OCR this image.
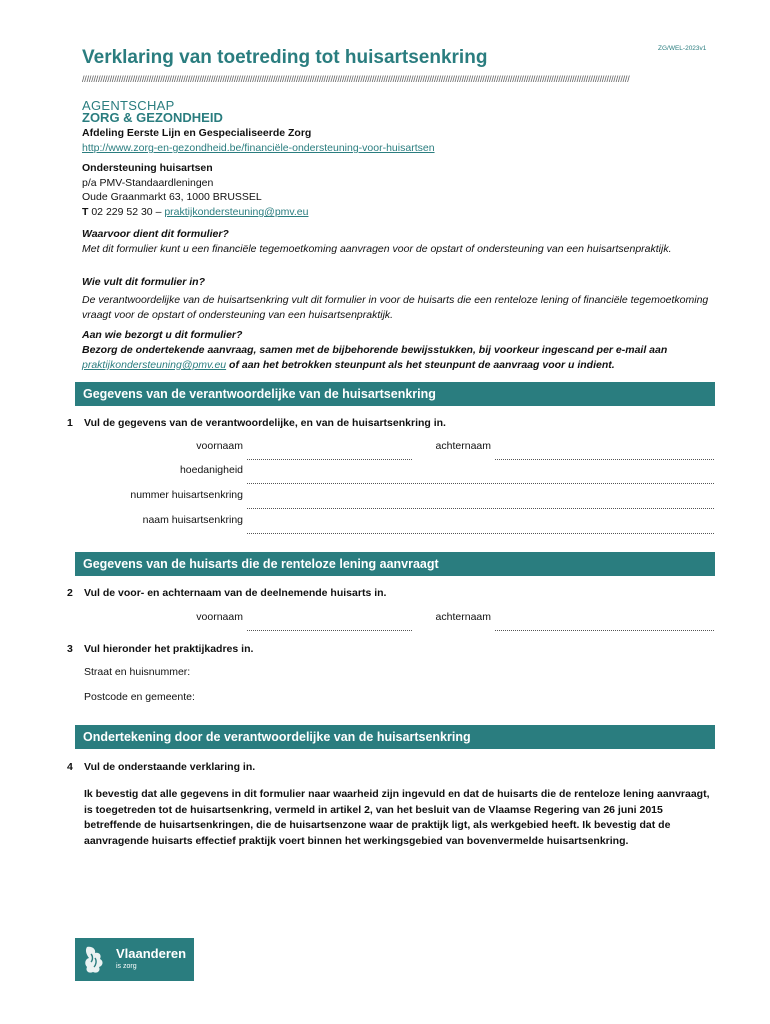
Verklaring van toetreding tot huisartsenkring	ZG/WEL-2023v1
//////////////////////////////////////////////////////////////////////////////////////////////////////////////////////////////////////////////////////////////////////////////////////////////////////////////////////////////////////////////
AGENTSCHAP
ZORG & GEZONDHEID
Afdeling Eerste Lijn en Gespecialiseerde Zorg
http://www.zorg-en-gezondheid.be/financiële-ondersteuning-voor-huisartsen
Ondersteuning huisartsen
p/a PMV-Standaardleningen
Oude Graanmarkt 63, 1000 BRUSSEL
T 02 229 52 30 – praktijkondersteuning@pmv.eu
Waarvoor dient dit formulier?
Met dit formulier kunt u een financiële tegemoetkoming aanvragen voor de opstart of ondersteuning van een huisartsenpraktijk.
Wie vult dit formulier in?
De verantwoordelijke van de huisartsenkring vult dit formulier in voor de huisarts die een renteloze lening of financiële tegemoetkoming vraagt voor de opstart of ondersteuning van een huisartsenpraktijk.
Aan wie bezorgt u dit formulier?
Bezorg de ondertekende aanvraag, samen met de bijbehorende bewijsstukken, bij voorkeur ingescand per e-mail aan praktijkondersteuning@pmv.eu of aan het betrokken steunpunt als het steunpunt de aanvraag voor u indient.
Gegevens van de verantwoordelijke van de huisartsenkring
1 Vul de gegevens van de verantwoordelijke, en van de huisartsenkring in.
voornaam	achternaam
hoedanigheid
nummer huisartsenkring
naam huisartsenkring
Gegevens van de huisarts die de renteloze lening aanvraagt
2 Vul de voor- en achternaam van de deelnemende huisarts in.
voornaam	achternaam
3 Vul hieronder het praktijkadres in.
Straat en huisnummer:
Postcode en gemeente:
Ondertekening door de verantwoordelijke van de huisartsenkring
4 Vul de onderstaande verklaring in.
Ik bevestig dat alle gegevens in dit formulier naar waarheid zijn ingevuld en dat de huisarts die de renteloze lening aanvraagt, is toegetreden tot de huisartsenkring, vermeld in artikel 2, van het besluit van de Vlaamse Regering van 26 juni 2015 betreffende de huisartsenkringen, die de huisartsenzone waar de praktijk ligt, als werkgebied heeft. Ik bevestig dat de aanvragende huisarts effectief praktijk voert binnen het werkingsgebied van bovenvermelde huisartsenkring.
Vlaanderen
is zorg
